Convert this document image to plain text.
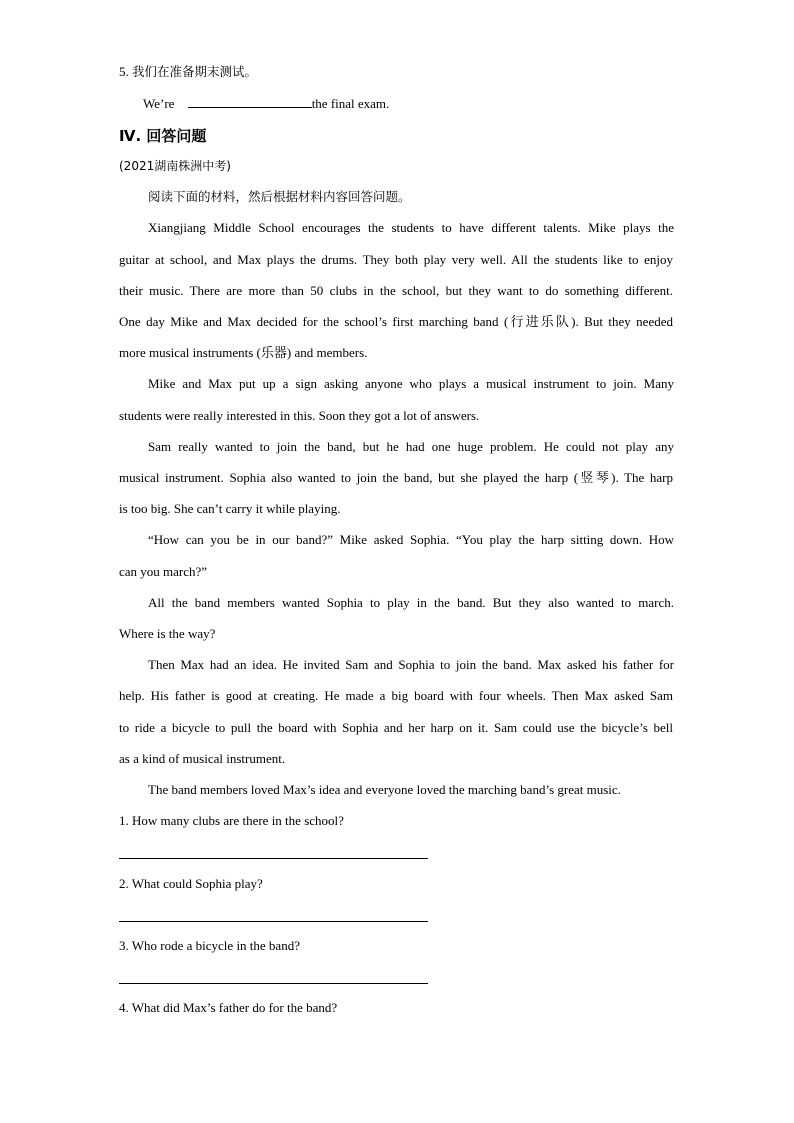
5. 我们在准备期末测试。
We’re	the final exam.
Ⅳ. 回答问题
(2021湖南株洲中考)
阅读下面的材料，然后根据材料内容回答问题。
Xiangjiang Middle School encourages the students to have different talents. Mike plays the
guitar at school, and Max plays the drums. They both play very well. All the students like to enjoy
their music. There are more than 50 clubs in the school, but they want to do something different.
One day Mike and Max decided for the school’s first marching band (行进乐队). But they needed
more musical instruments (乐器) and members.
Mike and Max put up a sign asking anyone who plays a musical instrument to join. Many
students were really interested in this. Soon they got a lot of answers.
Sam really wanted to join the band, but he had one huge problem. He could not play any
musical instrument. Sophia also wanted to join the band, but she played the harp (竖琴). The harp
is too big. She can’t carry it while playing.
“How can you be in our band?” Mike asked Sophia. “You play the harp sitting down. How
can you march?”
All the band members wanted Sophia to play in the band. But they also wanted to march.
Where is the way?
Then Max had an idea. He invited Sam and Sophia to join the band. Max asked his father for
help. His father is good at creating. He made a big board with four wheels. Then Max asked Sam
to ride a bicycle to pull the board with Sophia and her harp on it. Sam could use the bicycle’s bell
as a kind of musical instrument.
The band members loved Max’s idea and everyone loved the marching band’s great music.
1. How many clubs are there in the school?
2. What could Sophia play?
3. Who rode a bicycle in the band?
4. What did Max’s father do for the band?
